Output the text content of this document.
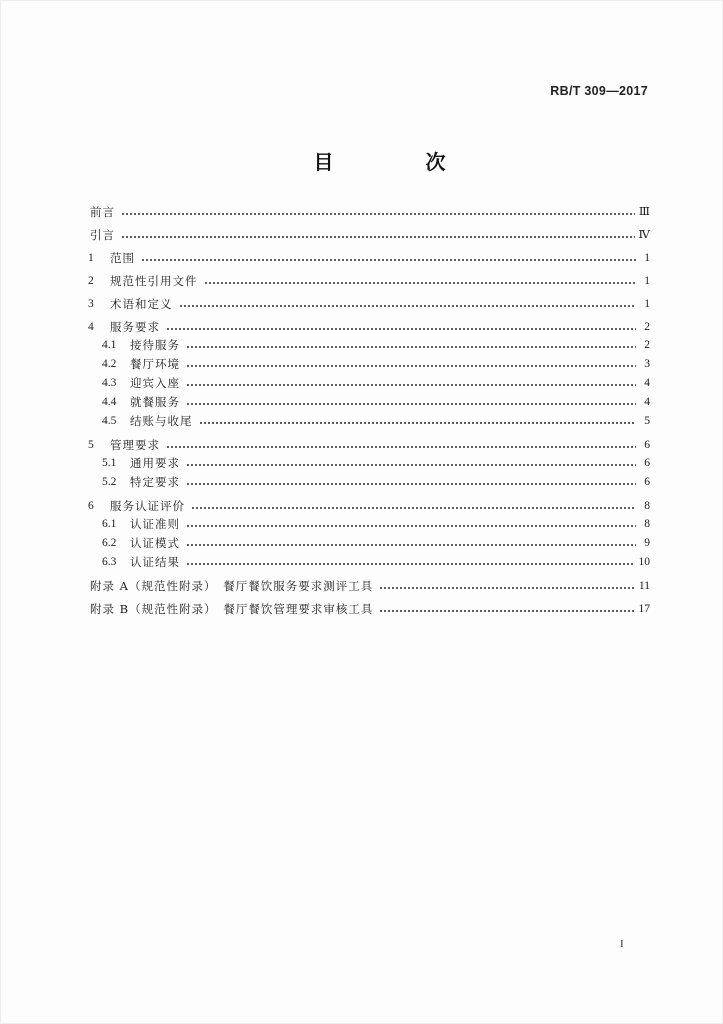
RB/T 309—2017
目　次
前言	Ⅲ
引言	Ⅳ
1	范围	1
2	规范性引用文件	1
3	术语和定义	1
4	服务要求	2
4.1	接待服务	2
4.2	餐厅环境	3
4.3	迎宾入座	4
4.4	就餐服务	4
4.5	结账与收尾	5
5	管理要求	6
5.1	通用要求	6
5.2	特定要求	6
6	服务认证评价	8
6.1	认证准则	8
6.2	认证模式	9
6.3	认证结果	10
附录 A（规范性附录）　餐厅餐饮服务要求测评工具	11
附录 B（规范性附录）　餐厅餐饮管理要求审核工具	17
I
